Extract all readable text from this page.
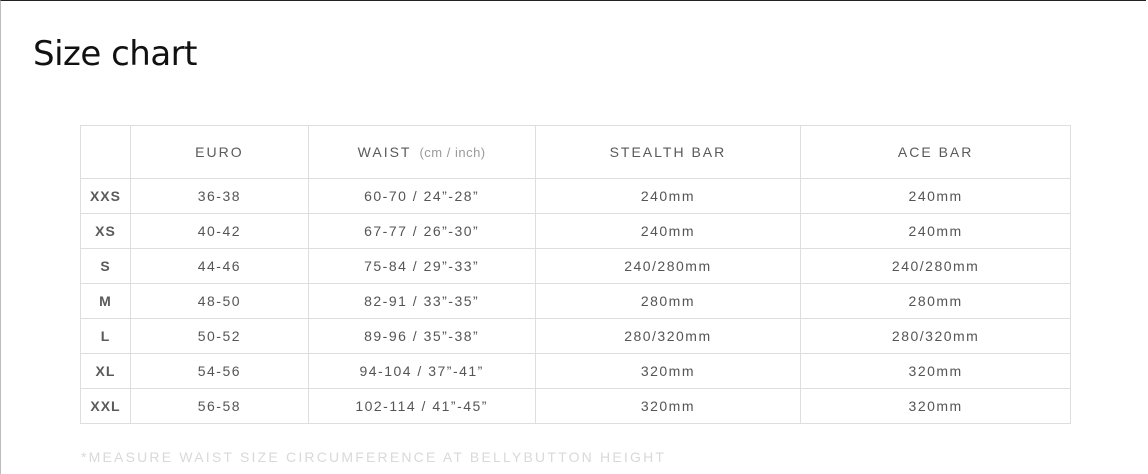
Size chart
	EURO	WAIST (cm / inch)	STEALTH BAR	ACE BAR
XXS	36-38	60-70 / 24”-28”	240mm	240mm
XS	40-42	67-77 / 26”-30”	240mm	240mm
S	44-46	75-84 / 29”-33”	240/280mm	240/280mm
M	48-50	82-91 / 33”-35”	280mm	280mm
L	50-52	89-96 / 35”-38”	280/320mm	280/320mm
XL	54-56	94-104 / 37”-41”	320mm	320mm
XXL	56-58	102-114 / 41”-45”	320mm	320mm
*MEASURE WAIST SIZE CIRCUMFERENCE AT BELLYBUTTON HEIGHT
